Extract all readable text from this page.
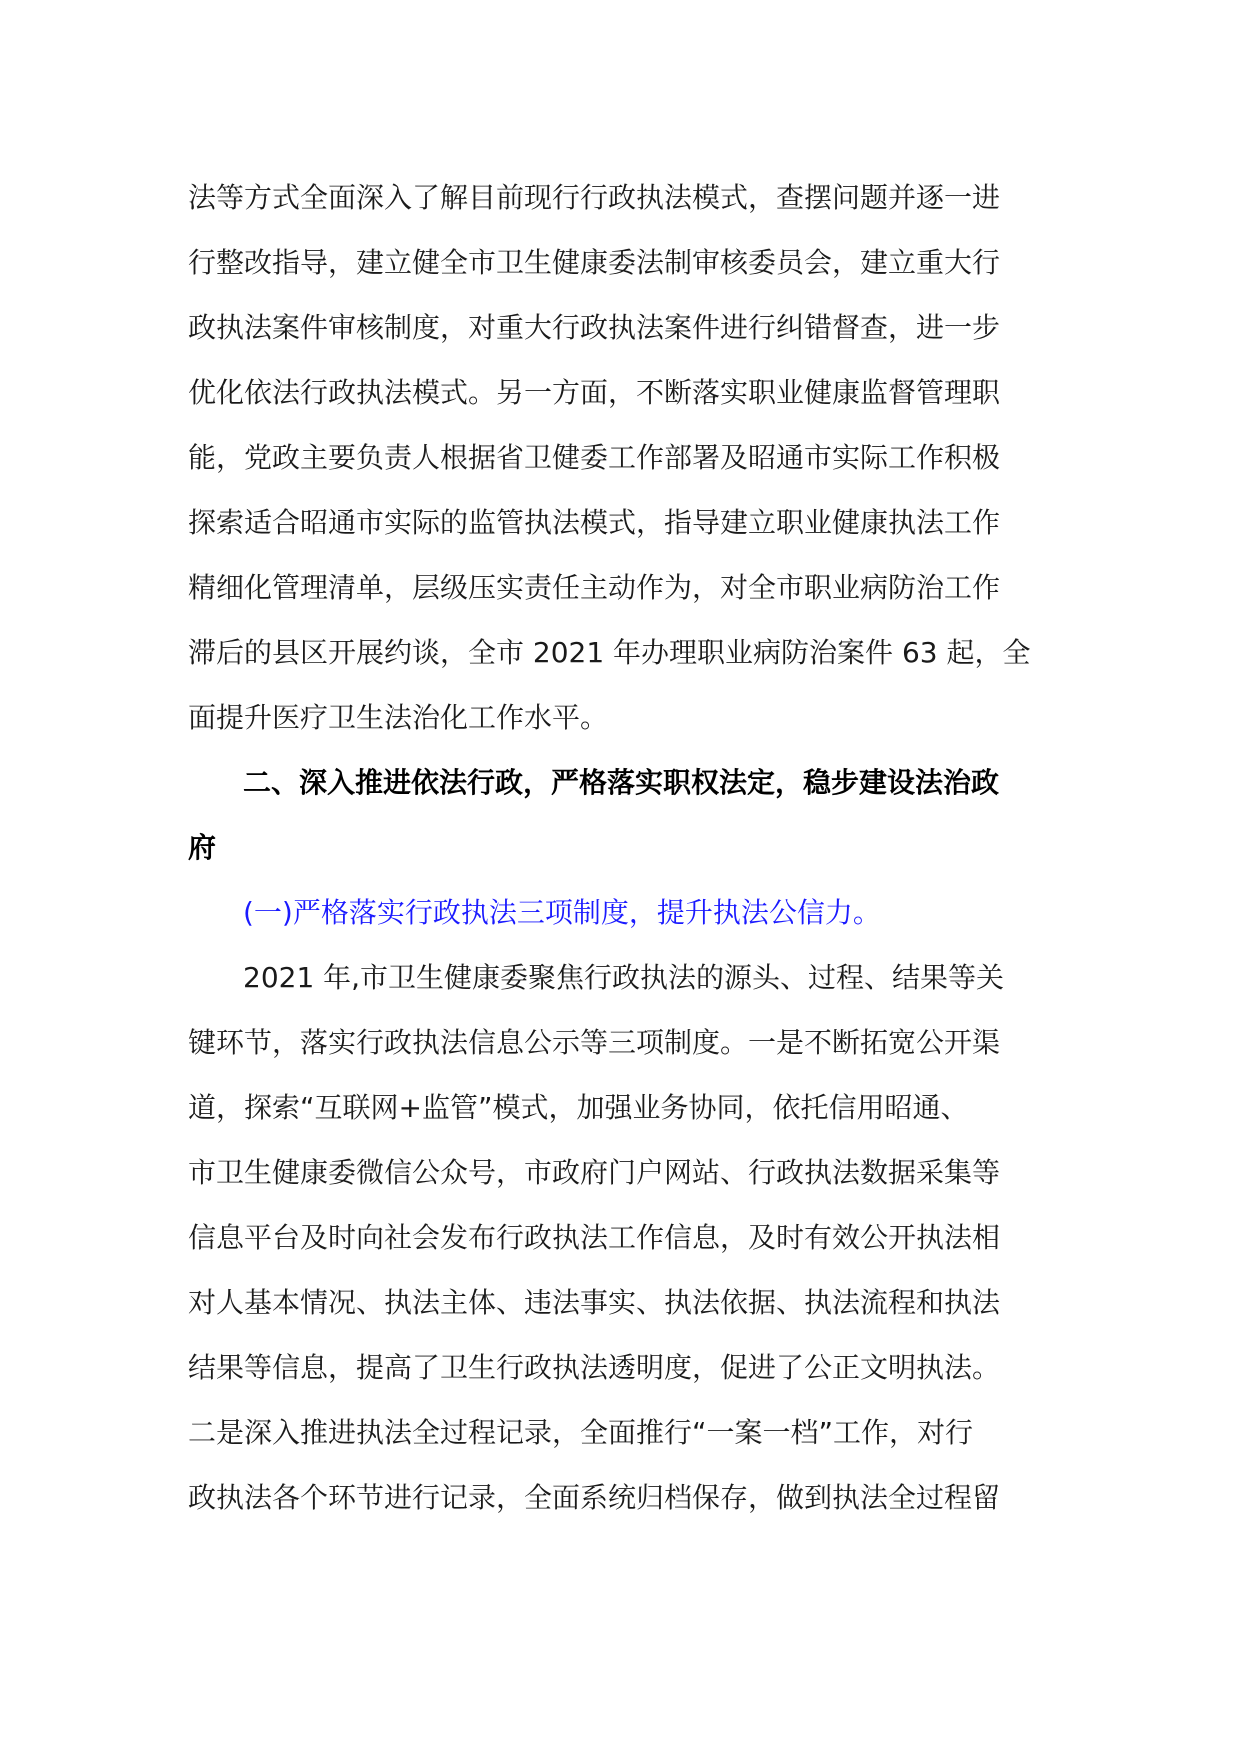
法等方式全面深入了解目前现行行政执法模式，查摆问题并逐一进
行整改指导，建立健全市卫生健康委法制审核委员会，建立重大行
政执法案件审核制度，对重大行政执法案件进行纠错督查，进一步
优化依法行政执法模式。另一方面，不断落实职业健康监督管理职
能，党政主要负责人根据省卫健委工作部署及昭通市实际工作积极
探索适合昭通市实际的监管执法模式，指导建立职业健康执法工作
精细化管理清单，层级压实责任主动作为，对全市职业病防治工作
滞后的县区开展约谈，全市 2021 年办理职业病防治案件 63 起，全
面提升医疗卫生法治化工作水平。
二、深入推进依法行政，严格落实职权法定，稳步建设法治政
府
(一)严格落实行政执法三项制度，提升执法公信力。
2021 年,市卫生健康委聚焦行政执法的源头、过程、结果等关
键环节，落实行政执法信息公示等三项制度。一是不断拓宽公开渠
道，探索“互联网+监管”模式，加强业务协同，依托信用昭通、
市卫生健康委微信公众号，市政府门户网站、行政执法数据采集等
信息平台及时向社会发布行政执法工作信息，及时有效公开执法相
对人基本情况、执法主体、违法事实、执法依据、执法流程和执法
结果等信息，提高了卫生行政执法透明度，促进了公正文明执法。
二是深入推进执法全过程记录，全面推行“一案一档”工作，对行
政执法各个环节进行记录，全面系统归档保存，做到执法全过程留
